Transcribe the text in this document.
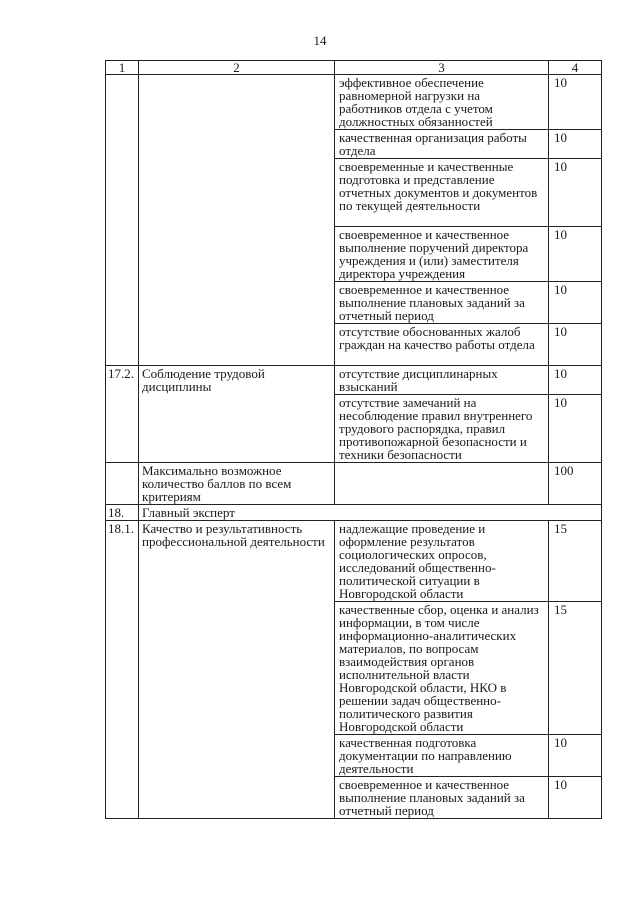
14
1	2	3	4
		эффективное обеспечение равномерной нагрузки на работников отдела с учетом должностных обязанностей	10
		качественная организация работы отдела	10
		своевременные и качественные подготовка и представление отчетных документов и документов по текущей деятельности	10
		своевременное и качественное выполнение поручений директора учреждения и (или) заместителя директора учреждения	10
		своевременное и качественное выполнение плановых заданий за отчетный период	10
		отсутствие обоснованных жалоб граждан на качество работы отдела	10
17.2.	Соблюдение трудовой дисциплины	отсутствие дисциплинарных взысканий	10
		отсутствие замечаний на несоблюдение правил внутреннего трудового распорядка, правил противопожарной безопасности и техники безопасности	10
	Максимально возможное количество баллов по всем критериям		100
18.	Главный эксперт		
18.1.	Качество и результативность профессиональной деятельности	надлежащие проведение и оформление результатов социологических опросов, исследований общественно-политической ситуации в Новгородской области	15
		качественные сбор, оценка и анализ информации, в том числе информационно-аналитических материалов, по вопросам взаимодействия органов исполнительной власти Новгородской области, НКО в решении задач общественно-политического развития Новгородской области	15
		качественная подготовка документации по направлению деятельности	10
		своевременное и качественное выполнение плановых заданий за отчетный период	10
